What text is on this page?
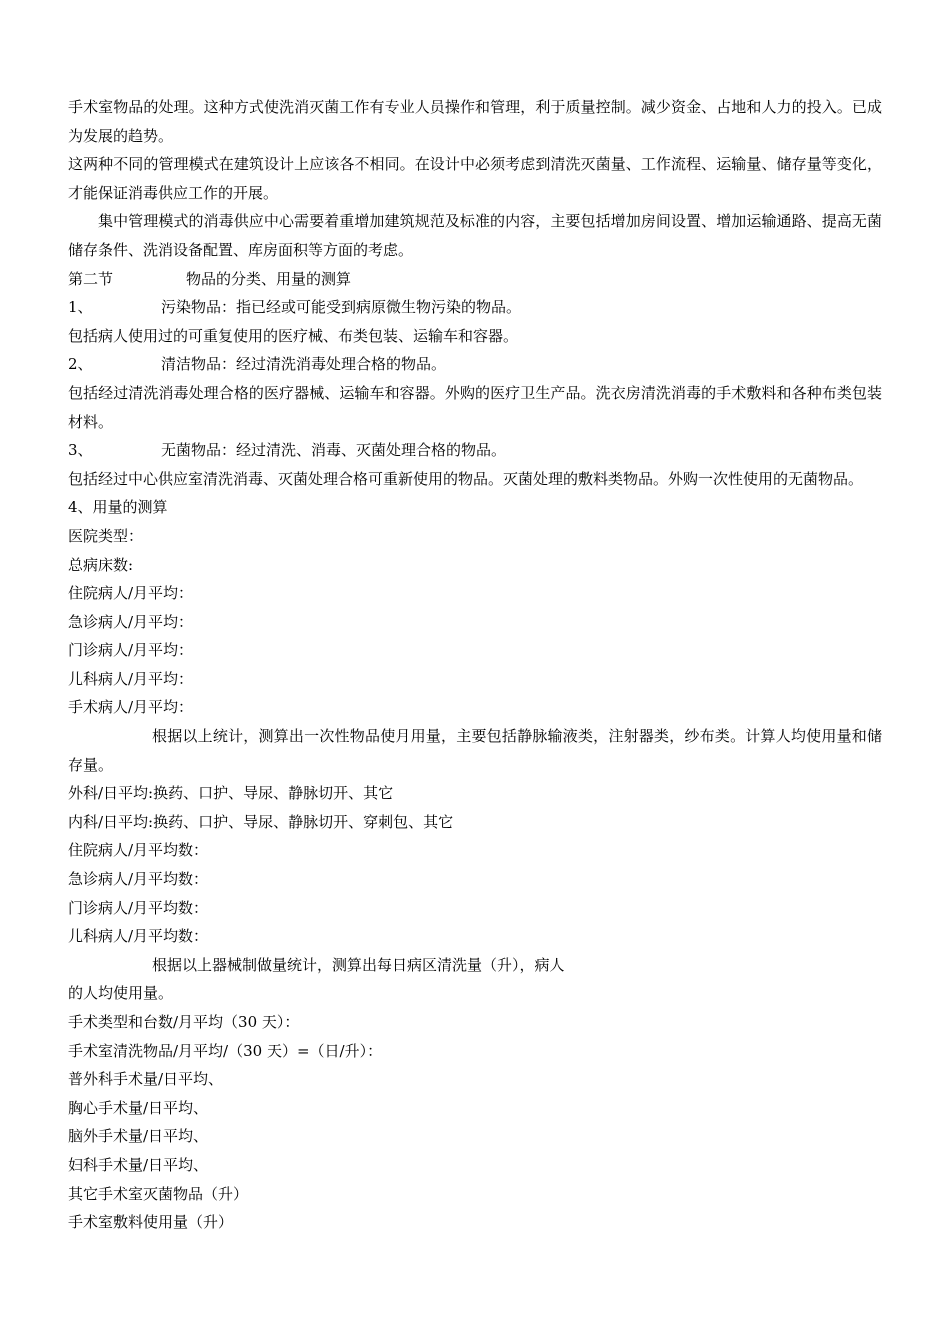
手术室物品的处理。这种方式使洗消灭菌工作有专业人员操作和管理，利于质量控制。减少资金、占地和人力的投入。已成为发展的趋势。

这两种不同的管理模式在建筑设计上应该各不相同。在设计中必须考虑到清洗灭菌量、工作流程、运输量、储存量等变化，才能保证消毒供应工作的开展。

集中管理模式的消毒供应中心需要着重增加建筑规范及标准的内容，主要包括增加房间设置、增加运输通路、提高无菌储存条件、洗消设备配置、库房面积等方面的考虑。

第二节	物品的分类、用量的测算
1、	污染物品：指已经或可能受到病原微生物污染的物品。

包括病人使用过的可重复使用的医疗械、布类包装、运输车和容器。

2、	清洁物品：经过清洗消毒处理合格的物品。

包括经过清洗消毒处理合格的医疗器械、运输车和容器。外购的医疗卫生产品。洗衣房清洗消毒的手术敷料和各种布类包装材料。

3、	无菌物品：经过清洗、消毒、灭菌处理合格的物品。

包括经过中心供应室清洗消毒、灭菌处理合格可重新使用的物品。灭菌处理的敷料类物品。外购一次性使用的无菌物品。

4、用量的测算

医院类型：

总病床数:

住院病人/月平均：

急诊病人/月平均：

门诊病人/月平均：

儿科病人/月平均：

手术病人/月平均：

根据以上统计，测算出一次性物品使月用量，主要包括静脉输液类，注射器类，纱布类。计算人均使用量和储存量。

外科/日平均:换药、口护、导尿、静脉切开、其它

内科/日平均:换药、口护、导尿、静脉切开、穿刺包、其它

住院病人/月平均数：

急诊病人/月平均数：

门诊病人/月平均数：

儿科病人/月平均数：

根据以上器械制做量统计，测算出每日病区清洗量（升），病人

的人均使用量。

手术类型和台数/月平均（30 天）：

手术室清洗物品/月平均/（30 天）=（日/升）：

普外科手术量/日平均、

胸心手术量/日平均、

脑外手术量/日平均、

妇科手术量/日平均、

其它手术室灭菌物品（升）

手术室敷料使用量（升）
